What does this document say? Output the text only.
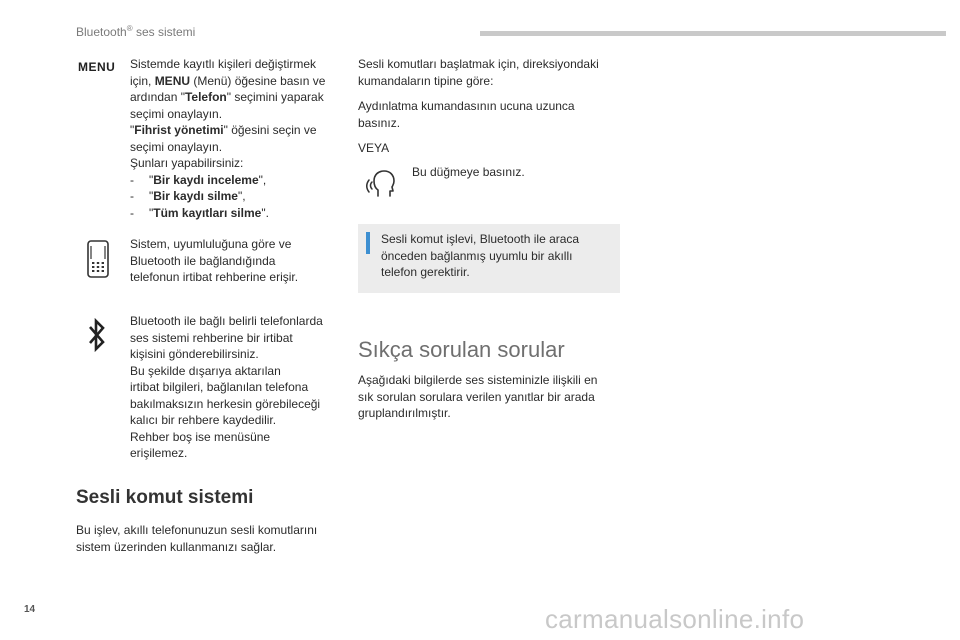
Bluetooth® ses sistemi
MENU Sistemde kayıtlı kişileri değiştirmek
için, MENU (Menü) öğesine basın ve
ardından "Telefon" seçimini yaparak
seçimi onaylayın.
"Fihrist yönetimi" öğesini seçin ve
seçimi onaylayın.
Şunları yapabilirsiniz:
- "Bir kaydı inceleme",
- "Bir kaydı silme",
- "Tüm kayıtları silme".
Sistem, uyumluluğuna göre ve
Bluetooth ile bağlandığında
telefonun irtibat rehberine erişir.
Bluetooth ile bağlı belirli telefonlarda
ses sistemi rehberine bir irtibat
kişisini gönderebilirsiniz.
Bu şekilde dışarıya aktarılan
irtibat bilgileri, bağlanılan telefona
bakılmaksızın herkesin görebileceği
kalıcı bir rehbere kaydedilir.
Rehber boş ise menüsüne
erişilemez.
Sesli komut sistemi
Bu işlev, akıllı telefonunuzun sesli komutlarını
sistem üzerinden kullanmanızı sağlar.
Sesli komutları başlatmak için, direksiyondaki
kumandaların tipine göre:
Aydınlatma kumandasının ucuna uzunca
basınız.
VEYA
Bu düğmeye basınız.
Sesli komut işlevi, Bluetooth ile araca
önceden bağlanmış uyumlu bir akıllı
telefon gerektirir.
Sıkça sorulan sorular
Aşağıdaki bilgilerde ses sisteminizle ilişkili en
sık sorulan sorulara verilen yanıtlar bir arada
gruplandırılmıştır.
14	carmanualsonline.info
